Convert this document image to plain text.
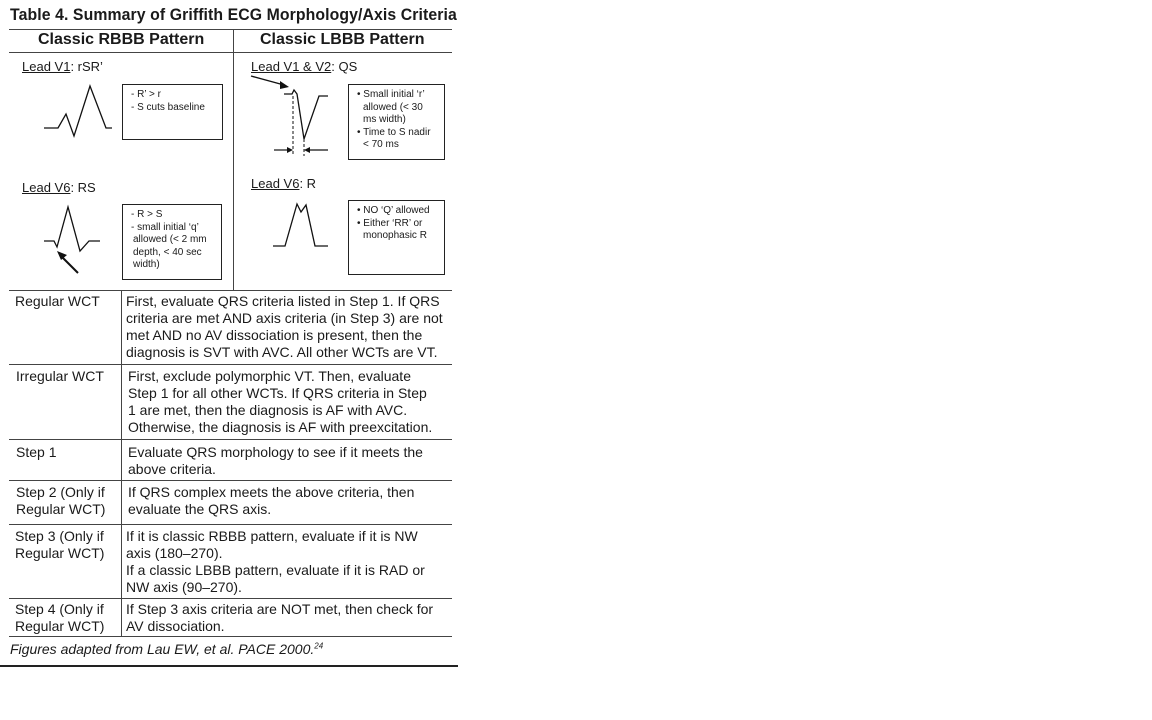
Table 4. Summary of Griffith ECG Morphology/Axis Criteria
Classic RBBB Pattern	Classic LBBB Pattern
Lead V1: rSR’
- R’ > r
- S cuts baseline
Lead V6: RS
- R > S
- small initial ‘q’
allowed (< 2 mm
depth, < 40 sec
width)
Lead V1 & V2: QS
• Small initial ‘r’
allowed (< 30
ms width)
• Time to S nadir
< 70 ms
Lead V6: R
• NO ‘Q’ allowed
• Either ‘RR’ or
monophasic R
Regular WCT First, evaluate QRS criteria listed in Step 1. If QRS
criteria are met AND axis criteria (in Step 3) are not
met AND no AV dissociation is present, then the
diagnosis is SVT with AVC. All other WCTs are VT.
Irregular WCT First, exclude polymorphic VT. Then, evaluate
Step 1 for all other WCTs. If QRS criteria in Step
1 are met, then the diagnosis is AF with AVC.
Otherwise, the diagnosis is AF with preexcitation.
Step 1	Evaluate QRS morphology to see if it meets the
above criteria.
Step 2 (Only if
Regular WCT)
If QRS complex meets the above criteria, then
evaluate the QRS axis.
Step 3 (Only if
Regular WCT)
If it is classic RBBB pattern, evaluate if it is NW
axis (180–270).
If a classic LBBB pattern, evaluate if it is RAD or
NW axis (90–270).
Step 4 (Only if
Regular WCT)
If Step 3 axis criteria are NOT met, then check for
AV dissociation.
Figures adapted from Lau EW, et al. PACE 2000.24
